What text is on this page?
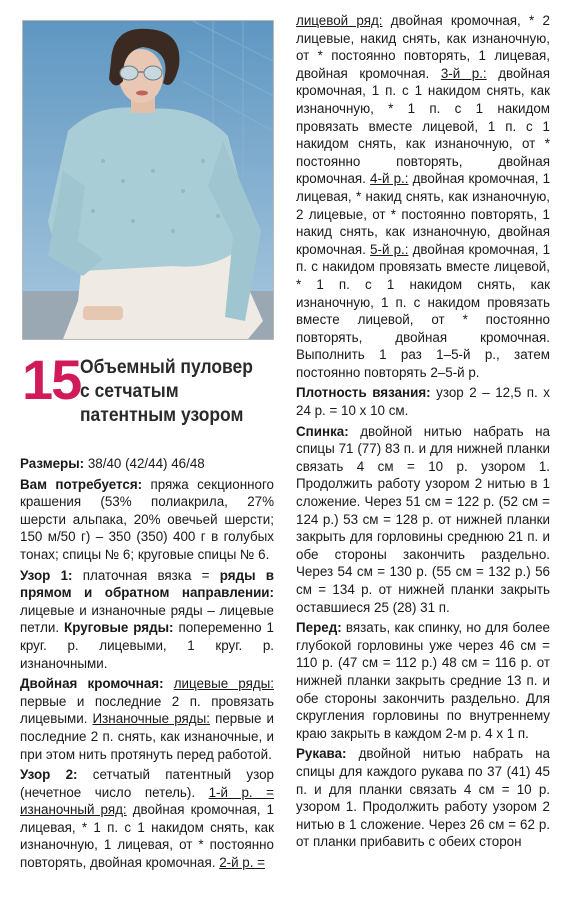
15 Объемный пуловер
с сетчатым
патентным узором

Размеры: 38/40 (42/44) 46/48

Вам потребуется: пряжа секционного крашения (53% полиакрила, 27% шерсти альпака, 20% овечьей шерсти; 150 м/50 г) – 350 (350) 400 г в голубых тонах; спицы № 6; круговые спицы № 6.

Узор 1: платочная вязка = ряды в прямом и обратном направлении: лицевые и изнаночные ряды – лицевые петли. Круговые ряды: попеременно 1 круг. р. лицевыми, 1 круг. р. изнаночными.

Двойная кромочная: лицевые ряды: первые и последние 2 п. провязать лицевыми. Изнаночные ряды: первые и последние 2 п. снять, как изнаночные, и при этом нить протянуть перед работой.

Узор 2: сетчатый патентный узор (нечетное число петель). 1-й р. = изнаночный ряд: двойная кромочная, 1 лицевая, * 1 п. с 1 накидом снять, как изнаночную, 1 лицевая, от * постоянно повторять, двойная кромочная. 2-й р. =

лицевой ряд: двойная кромочная, * 2 лицевые, накид снять, как изнаночную, от * постоянно повторять, 1 лицевая, двойная кромочная. 3-й р.: двойная кромочная, 1 п. с 1 накидом снять, как изнаночную, * 1 п. с 1 накидом провязать вместе лицевой, 1 п. с 1 накидом снять, как изнаночную, от * постоянно повторять, двойная кромочная. 4-й р.: двойная кромочная, 1 лицевая, * накид снять, как изнаночную, 2 лицевые, от * постоянно повторять, 1 накид снять, как изнаночную, двойная кромочная. 5-й р.: двойная кромочная, 1 п. с накидом провязать вместе лицевой, * 1 п. с 1 накидом снять, как изнаночную, 1 п. с накидом провязать вместе лицевой, от * постоянно повторять, двойная кромочная. Выполнить 1 раз 1–5-й р., затем постоянно повторять 2–5-й р.

Плотность вязания: узор 2 – 12,5 п. х 24 р. = 10 х 10 см.

Спинка: двойной нитью набрать на спицы 71 (77) 83 п. и для нижней планки связать 4 см = 10 р. узором 1. Продолжить работу узором 2 нитью в 1 сложение. Через 51 см = 122 р. (52 см = 124 р.) 53 см = 128 р. от нижней планки закрыть для горловины среднюю 21 п. и обе стороны закончить раздельно. Через 54 см = 130 р. (55 см = 132 р.) 56 см = 134 р. от нижней планки закрыть оставшиеся 25 (28) 31 п.

Перед: вязать, как спинку, но для более глубокой горловины уже через 46 см = 110 р. (47 см = 112 р.) 48 см = 116 р. от нижней планки закрыть средние 13 п. и обе стороны закончить раздельно. Для скругления горловины по внутреннему краю закрыть в каждом 2-м р. 4 х 1 п.

Рукава: двойной нитью набрать на спицы для каждого рукава по 37 (41) 45 п. и для планки связать 4 см = 10 р. узором 1. Продолжить работу узором 2 нитью в 1 сложение. Через 26 см = 62 р. от планки прибавить с обеих сторон
